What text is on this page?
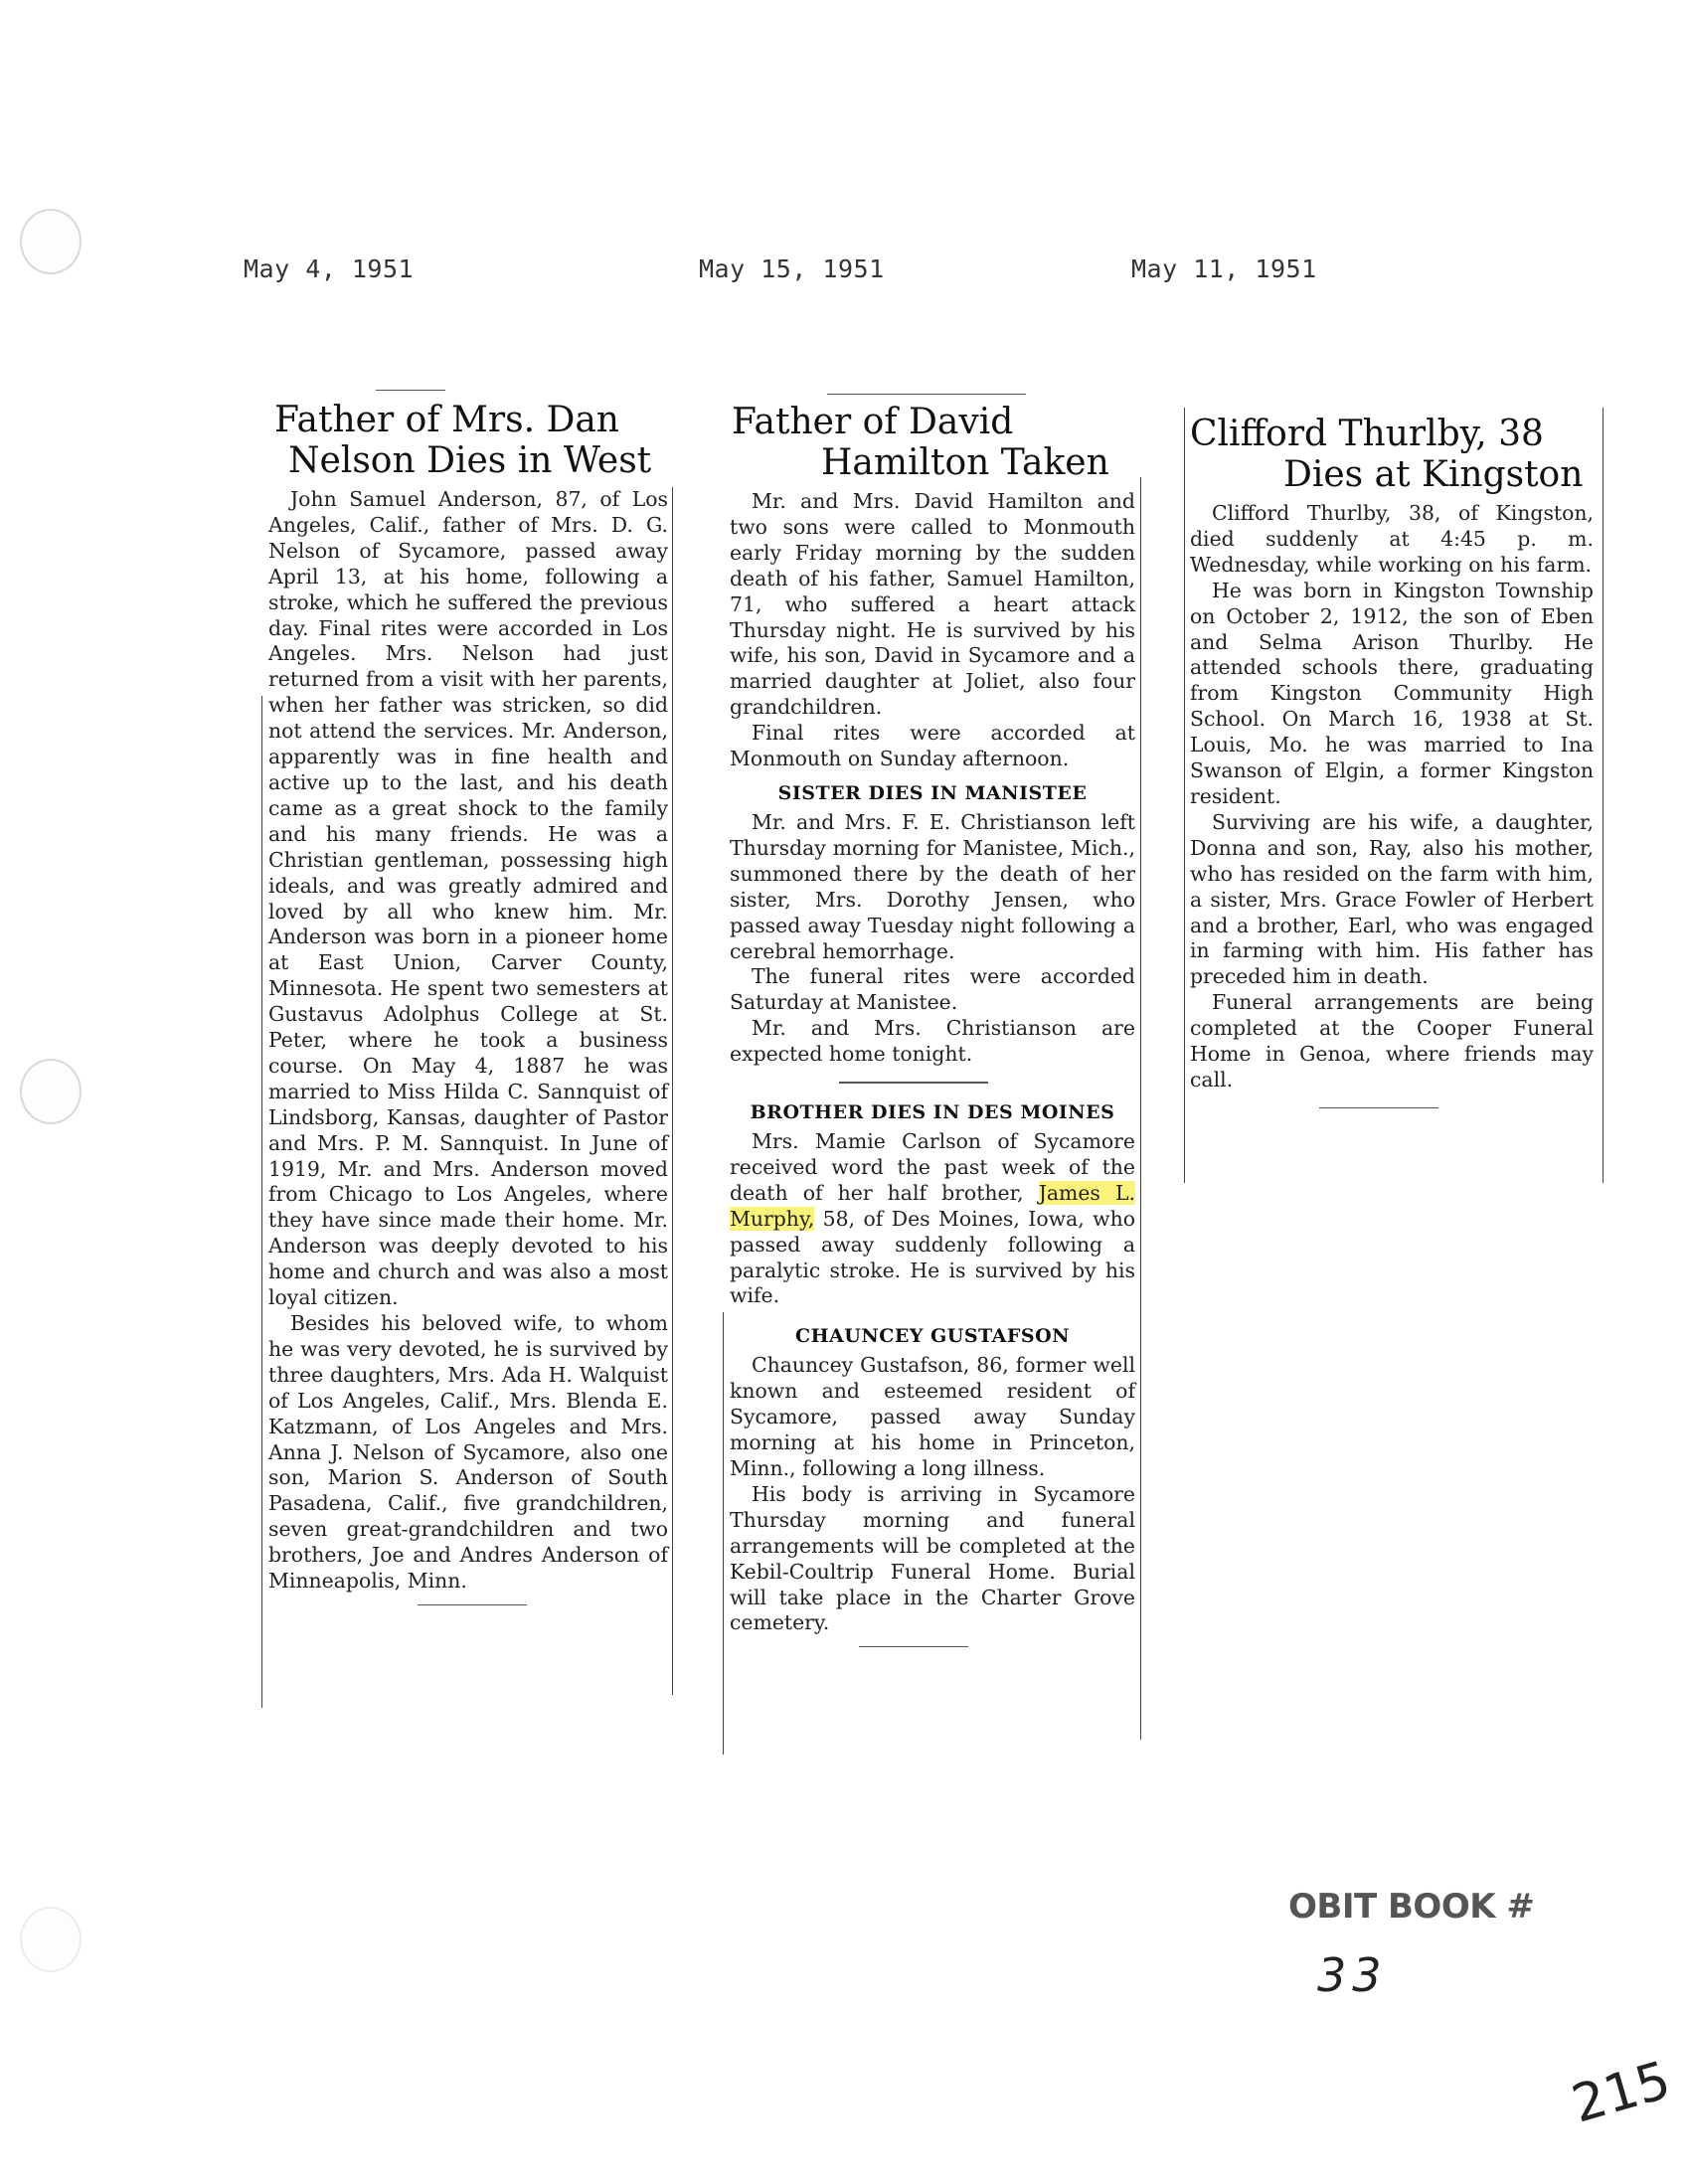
May 4, 1951	May 15, 1951	May 11, 1951
Father of Mrs. Dan
Nelson Dies in West

John Samuel Anderson, 87, of Los Angeles, Calif., father of Mrs. D. G. Nelson of Sycamore, passed away April 13, at his home, following a stroke, which he suffered the previous day. Final rites were accorded in Los Angeles. Mrs. Nelson had just returned from a visit with her parents, when her father was stricken, so did not attend the services. Mr. Anderson, apparently was in fine health and active up to the last, and his death came as a great shock to the family and his many friends. He was a Christian gentleman, possessing high ideals, and was greatly admired and loved by all who knew him. Mr. Anderson was born in a pioneer home at East Union, Carver County, Minnesota. He spent two semesters at Gustavus Adolphus College at St. Peter, where he took a business course. On May 4, 1887 he was married to Miss Hilda C. Sannquist of Lindsborg, Kansas, daughter of Pastor and Mrs. P. M. Sannquist. In June of 1919, Mr. and Mrs. Anderson moved from Chicago to Los Angeles, where they have since made their home. Mr. Anderson was deeply devoted to his home and church and was also a most loyal citizen.

Besides his beloved wife, to whom he was very devoted, he is survived by three daughters, Mrs. Ada H. Walquist of Los Angeles, Calif., Mrs. Blenda E. Katzmann, of Los Angeles and Mrs. Anna J. Nelson of Sycamore, also one son, Marion S. Anderson of South Pasadena, Calif., five grandchildren, seven great-grandchildren and two brothers, Joe and Andres Anderson of Minneapolis, Minn.

Father of David
Hamilton Taken

Mr. and Mrs. David Hamilton and two sons were called to Monmouth early Friday morning by the sudden death of his father, Samuel Hamilton, 71, who suffered a heart attack Thursday night. He is survived by his wife, his son, David in Sycamore and a married daughter at Joliet, also four grandchildren.

Final rites were accorded at Monmouth on Sunday afternoon.

SISTER DIES IN MANISTEE

Mr. and Mrs. F. E. Christianson left Thursday morning for Manistee, Mich., summoned there by the death of her sister, Mrs. Dorothy Jensen, who passed away Tuesday night following a cerebral hemorrhage.

The funeral rites were accorded Saturday at Manistee.

Mr. and Mrs. Christianson are expected home tonight.

BROTHER DIES IN DES MOINES

Mrs. Mamie Carlson of Sycamore received word the past week of the death of her half brother, James L. Murphy, 58, of Des Moines, Iowa, who passed away suddenly following a paralytic stroke. He is survived by his wife.

CHAUNCEY GUSTAFSON

Chauncey Gustafson, 86, former well known and esteemed resident of Sycamore, passed away Sunday morning at his home in Princeton, Minn., following a long illness.

His body is arriving in Sycamore Thursday morning and funeral arrangements will be completed at the Kebil-Coultrip Funeral Home. Burial will take place in the Charter Grove cemetery.

Clifford Thurlby, 38
Dies at Kingston

Clifford Thurlby, 38, of Kingston, died suddenly at 4:45 p. m. Wednesday, while working on his farm.

He was born in Kingston Township on October 2, 1912, the son of Eben and Selma Arison Thurlby. He attended schools there, graduating from Kingston Community High School. On March 16, 1938 at St. Louis, Mo. he was married to Ina Swanson of Elgin, a former Kingston resident.

Surviving are his wife, a daughter, Donna and son, Ray, also his mother, who has resided on the farm with him, a sister, Mrs. Grace Fowler of Herbert and a brother, Earl, who was engaged in farming with him. His father has preceded him in death.

Funeral arrangements are being completed at the Cooper Funeral Home in Genoa, where friends may call.

OBIT BOOK #
33
215
